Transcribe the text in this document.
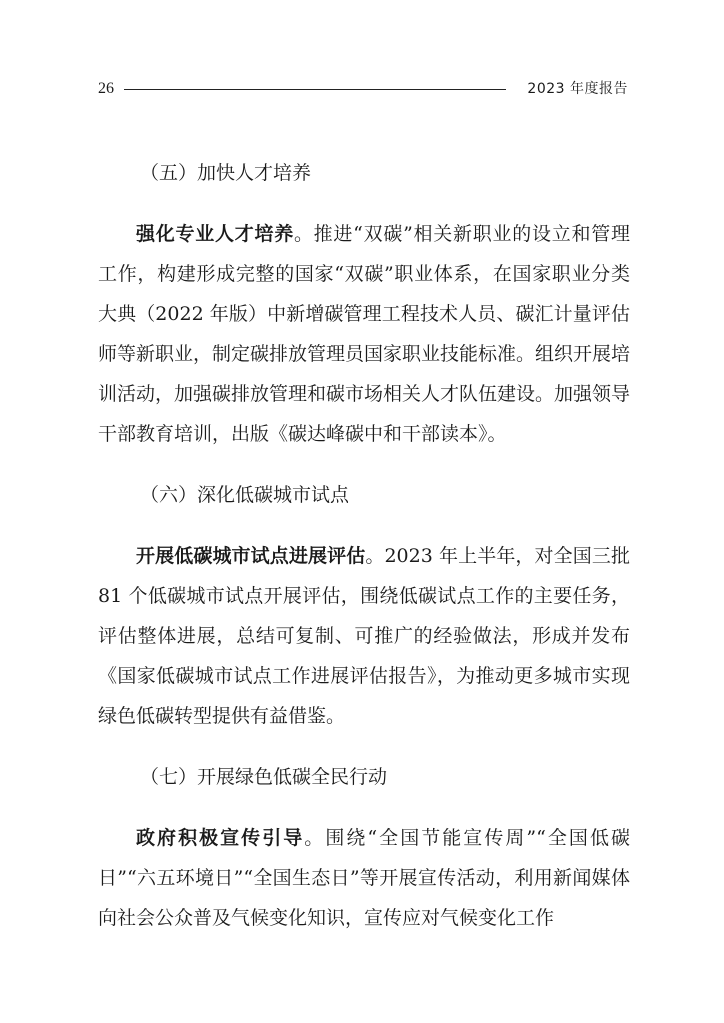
26	2023 年度报告
（五）加快人才培养

强化专业人才培养。推进“双碳”相关新职业的设立和管理工作，构建形成完整的国家“双碳”职业体系，在国家职业分类大典（2022 年版）中新增碳管理工程技术人员、碳汇计量评估师等新职业，制定碳排放管理员国家职业技能标准。组织开展培训活动，加强碳排放管理和碳市场相关人才队伍建设。加强领导干部教育培训，出版《碳达峰碳中和干部读本》。

（六）深化低碳城市试点

开展低碳城市试点进展评估。2023 年上半年，对全国三批 81 个低碳城市试点开展评估，围绕低碳试点工作的主要任务，评估整体进展，总结可复制、可推广的经验做法，形成并发布《国家低碳城市试点工作进展评估报告》，为推动更多城市实现绿色低碳转型提供有益借鉴。

（七）开展绿色低碳全民行动

政府积极宣传引导。围绕“全国节能宣传周”“全国低碳日”“六五环境日”“全国生态日”等开展宣传活动，利用新闻媒体向社会公众普及气候变化知识，宣传应对气候变化工作
